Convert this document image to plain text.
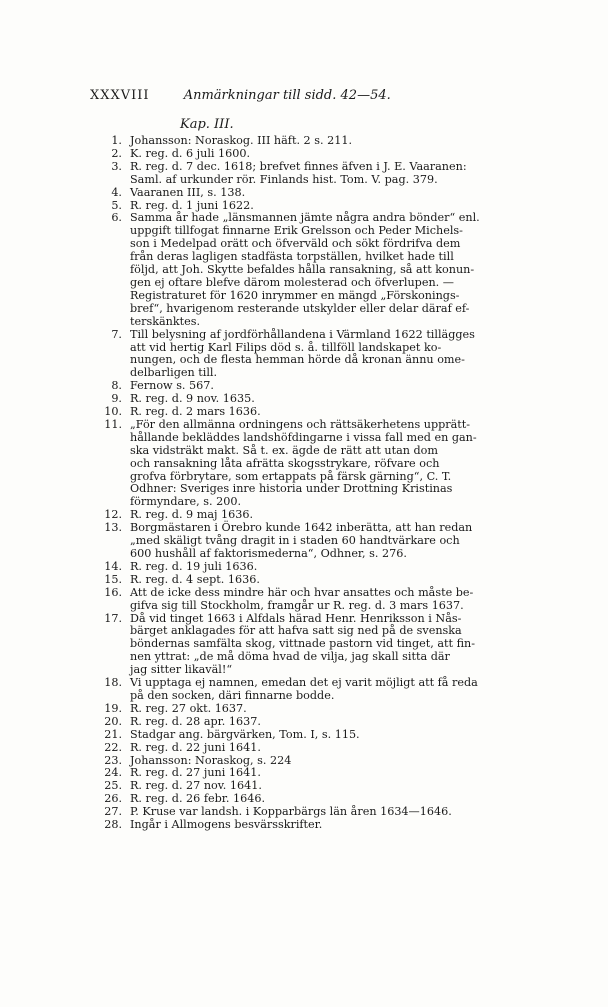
XXXVIII	Anmärkningar till sidd. 42—54.
Kap. III.
1. Johansson: Noraskog. III häft. 2 s. 211.
2. K. reg. d. 6 juli 1600.
3. R. reg. d. 7 dec. 1618; brefvet finnes äfven i J. E. Vaaranen:
Saml. af urkunder rör. Finlands hist. Tom. V. pag. 379.
4. Vaaranen III, s. 138.
5. R. reg. d. 1 juni 1622.
6. Samma år hade „länsmannen jämte några andra bönder“ enl.
uppgift tillfogat finnarne Erik Grelsson och Peder Michels-
son i Medelpad orätt och öfverväld och sökt fördrifva dem
från deras lagligen stadfästa torpställen, hvilket hade till
följd, att Joh. Skytte befaldes hålla ransakning, så att konun-
gen ej oftare blefve därom molesterad och öfverlupen. —
Registraturet för 1620 inrymmer en mängd „Förskonings-
bref“, hvarigenom resterande utskylder eller delar däraf ef-
terskänktes.
7. Till belysning af jordförhållandena i Värmland 1622 tillägges
att vid hertig Karl Filips död s. å. tillföll landskapet ko-
nungen, och de flesta hemman hörde då kronan ännu ome-
delbarligen till.
8. Fernow s. 567.
9. R. reg. d. 9 nov. 1635.
10. R. reg. d. 2 mars 1636.
11. „För den allmänna ordningens och rättsäkerhetens upprätt-
hållande bekläddes landshöfdingarne i vissa fall med en gan-
ska vidsträkt makt. Så t. ex. ägde de rätt att utan dom
och ransakning låta afrätta skogsstrykare, röfvare och
grofva förbrytare, som ertappats på färsk gärning“, C. T.
Odhner: Sveriges inre historia under Drottning Kristinas
förmyndare, s. 200.
12. R. reg. d. 9 maj 1636.
13. Borgmästaren i Örebro kunde 1642 inberätta, att han redan
„med skäligt tvång dragit in i staden 60 handtvärkare och
600 hushåll af faktorismederna“, Odhner, s. 276.
14. R. reg. d. 19 juli 1636.
15. R. reg. d. 4 sept. 1636.
16. Att de icke dess mindre här och hvar ansattes och måste be-
gifva sig till Stockholm, framgår ur R. reg. d. 3 mars 1637.
17. Då vid tinget 1663 i Alfdals härad Henr. Henriksson i Nås-
bärget anklagades för att hafva satt sig ned på de svenska
böndernas samfälta skog, vittnade pastorn vid tinget, att fin-
nen yttrat: „de må döma hvad de vilja, jag skall sitta där
jag sitter likaväl!“
18. Vi upptaga ej namnen, emedan det ej varit möjligt att få reda
på den socken, däri finnarne bodde.
19. R. reg. 27 okt. 1637.
20. R. reg. d. 28 apr. 1637.
21. Stadgar ang. bärgvärken, Tom. I, s. 115.
22. R. reg. d. 22 juni 1641.
23. Johansson: Noraskog, s. 224
24. R. reg. d. 27 juni 1641.
25. R. reg. d. 27 nov. 1641.
26. R. reg. d. 26 febr. 1646.
27. P. Kruse var landsh. i Kopparbärgs län åren 1634—1646.
28. Ingår i Allmogens besvärsskrifter.
